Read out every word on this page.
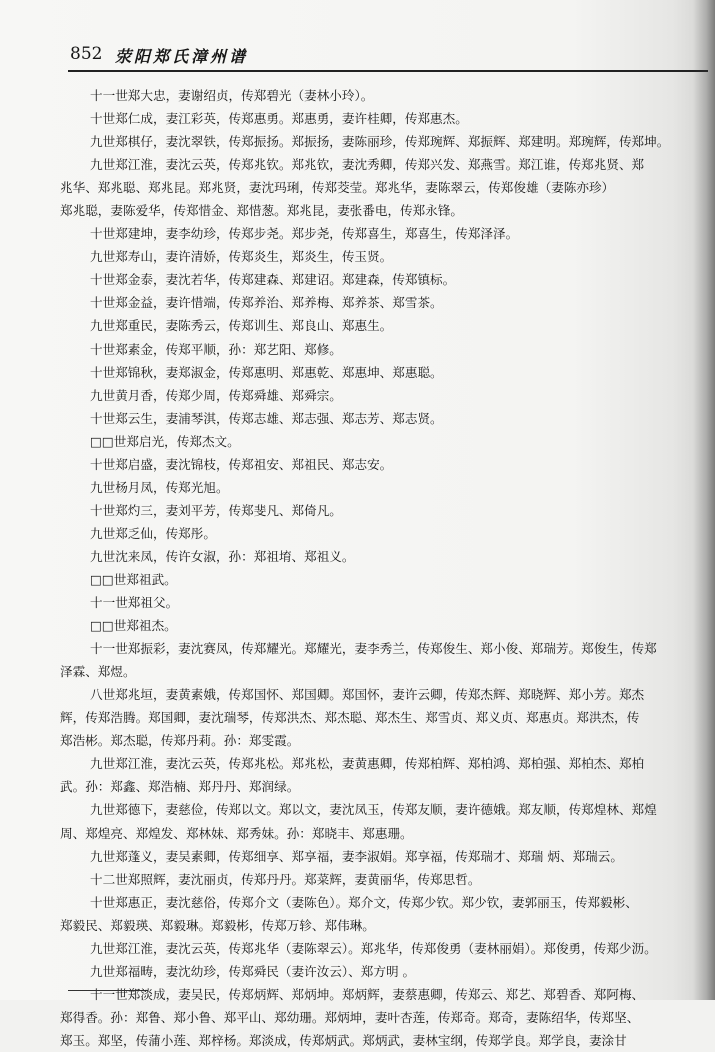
852 荥阳郑氏漳州谱
十一世郑大忠，妻谢绍贞，传郑碧光（妻林小玲）。
十世郑仁成，妻江彩英，传郑惠勇。郑惠勇，妻许桂卿，传郑惠杰。
九世郑棋仔，妻沈翠铁，传郑振扬。郑振扬，妻陈丽珍，传郑琬辉、郑振辉、郑建明。郑琬辉，传郑坤。
九世郑江淮，妻沈云英，传郑兆钦。郑兆钦，妻沈秀卿，传郑兴发、郑燕雪。郑江谁，传郑兆贤、郑
兆华、郑兆聪、郑兆昆。郑兆贤，妻沈玛琍，传郑茭莹。郑兆华，妻陈翠云，传郑俊雄（妻陈亦珍）
郑兆聪，妻陈爱华，传郑惜金、郑惜葱。郑兆昆，妻张番电，传郑永锋。
十世郑建坤，妻李幼珍，传郑步尧。郑步尧，传郑喜生，郑喜生，传郑泽泽。
九世郑寿山，妻许清娇，传郑炎生，郑炎生，传玉贤。
十世郑金泰，妻沈若华，传郑建森、郑建诏。郑建森，传郑镇标。
十世郑金益，妻许惜端，传郑养治、郑养梅、郑养茶、郑雪茶。
九世郑重民，妻陈秀云，传郑训生、郑良山、郑惠生。
十世郑素金，传郑平顺，孙：郑艺阳、郑修。
十世郑锦秋，妻郑淑金，传郑惠明、郑惠乾、郑惠坤、郑惠聪。
九世黄月香，传郑少周，传郑舜雄、郑舜宗。
十世郑云生，妻浦琴淇，传郑志雄、郑志强、郑志芳、郑志贤。
□□世郑启光，传郑杰文。
十世郑启盛，妻沈锦枝，传郑祖安、郑祖民、郑志安。
九世杨月凤，传郑光旭。
十世郑灼三，妻刘平芳，传郑斐凡、郑倚凡。
九世郑乏仙，传郑彤。
九世沈来凤，传许女淑，孙：郑祖堉、郑祖义。
□□世郑祖武。
十一世郑祖父。
□□世郑祖杰。
十一世郑振彩，妻沈赛凤，传郑耀光。郑耀光，妻李秀兰，传郑俊生、郑小俊、郑瑞芳。郑俊生，传郑
泽霖、郑煜。
八世郑兆垣，妻黄素娥，传郑国怀、郑国卿。郑国怀，妻许云卿，传郑杰辉、郑晓辉、郑小芳。郑杰
辉，传郑浩腾。郑国卿，妻沈瑞琴，传郑洪杰、郑杰聪、郑杰生、郑雪贞、郑义贞、郑惠贞。郑洪杰，传
郑浩彬。郑杰聪，传郑丹莉。孙：郑雯霞。
九世郑江淮，妻沈云英，传郑兆松。郑兆松，妻黄惠卿，传郑柏辉、郑柏鸿、郑柏强、郑柏杰、郑柏
武。孙：郑鑫、郑浩楠、郑丹丹、郑润绿。
九世郑德下，妻慈俭，传郑以文。郑以文，妻沈凤玉，传郑友顺，妻许德娥。郑友顺，传郑煌林、郑煌
周、郑煌亮、郑煌发、郑林妹、郑秀妹。孙：郑晓丰、郑惠珊。
九世郑蓬义，妻吴素卿，传郑细享、郑享福，妻李淑娟。郑享福，传郑瑞才、郑瑞 炳、郑瑞云。
十二世郑照辉，妻沈丽贞，传郑丹丹。郑菜辉，妻黄丽华，传郑思哲。
十世郑惠正，妻沈慈俗，传郑介文（妻陈色）。郑介文，传郑少钦。郑少钦，妻郭丽玉，传郑毅彬、
郑毅民、郑毅瑛、郑毅琳。郑毅彬，传郑万轸、郑伟琳。
九世郑江淮，妻沈云英，传郑兆华（妻陈翠云）。郑兆华，传郑俊勇（妻林丽娟）。郑俊勇，传郑少沥。
九世郑福畴，妻沈幼珍，传郑舜民（妻许汝云）、郑方明 。
十一世郑淡成，妻吴民，传郑炳辉、郑炳坤。郑炳辉，妻蔡惠卿，传郑云、郑艺、郑碧香、郑阿梅、
郑得香。孙：郑鲁、郑小鲁、郑平山、郑幼珊。郑炳坤，妻叶杏莲，传郑奇。郑奇，妻陈绍华，传郑坚、
郑玉。郑坚，传蒲小莲、郑梓杨。郑淡成，传郑炳武。郑炳武，妻林宝纲，传郑学良。郑学良，妻涂甘
